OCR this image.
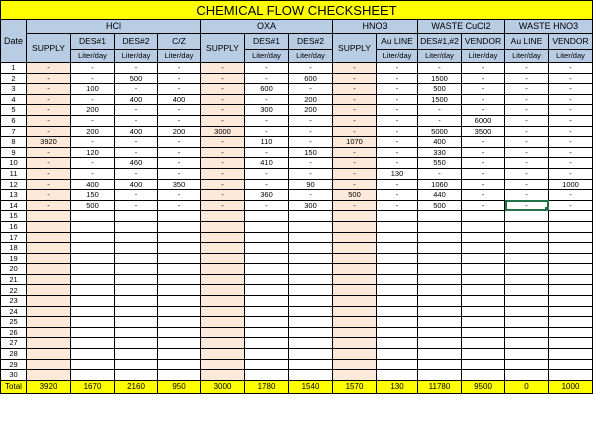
CHEMICAL FLOW CHECKSHEET													
Date	HCl				OXA			HNO3		WASTE CuCl2		WASTE HNO3	
	SUPPLY	DES#1	DES#2	C/Z	SUPPLY	DES#1	DES#2	SUPPLY	Au LINE	DES#1,#2	VENDOR	Au LINE	VENDOR
		Liter/day	Liter/day	Liter/day		Liter/day	Liter/day		Liter/day	Liter/day	Liter/day	Liter/day	Liter/day
1	-	-	-	-	-	-	-	-	-	-	-	-	-
2	-	-	500	-	-	-	600	-	-	1500	-	-	-
3	-	100	-	-	-	600	-	-	-	500	-	-	-
4	-	-	400	400	-	-	200	-	-	1500	-	-	-
5	-	200	-	-	-	300	200	-	-	-	-	-	-
6	-	-	-	-	-	-	-	-	-	-	6000	-	-
7	-	200	400	200	3000	-	-	-	-	5000	3500	-	-
8	3920	-	-	-	-	110	-	1070	-	400	-	-	-
9	-	120	-	-	-	-	150	-	-	330	-	-	-
10	-	-	460	-	-	410	-	-	-	550	-	-	-
11	-	-	-	-	-	-	-	-	130	-	-	-	-
12	-	400	400	350	-	-	90	-	-	1060	-	-	1000
13	-	150	-	-	-	360	-	500	-	440	-	-	-
14	-	500	-	-	-	-	300	-	-	500	-	-	-
15													
16													
17													
18													
19													
20													
21													
22													
23													
24													
25													
26													
27													
28													
29													
30													
Total	3920	1670	2160	950	3000	1780	1540	1570	130	11780	9500	0	1000
